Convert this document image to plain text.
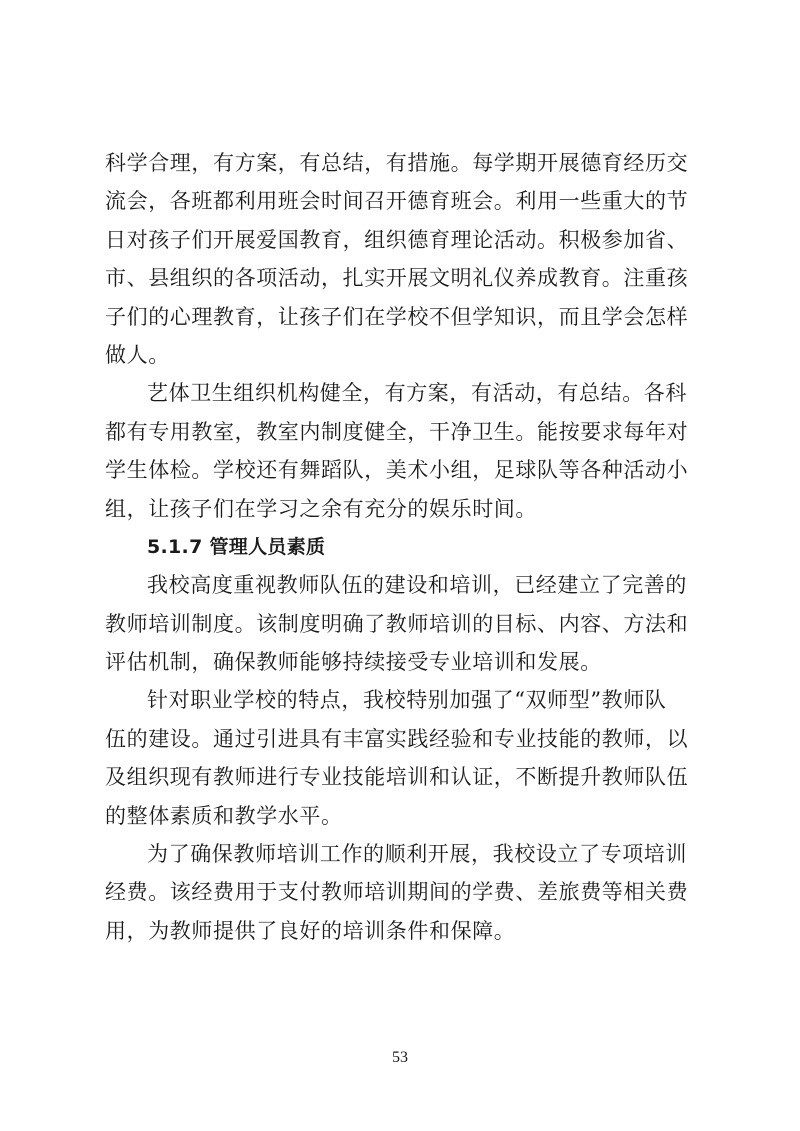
科学合理，有方案，有总结，有措施。每学期开展德育经历交
流会，各班都利用班会时间召开德育班会。利用一些重大的节
日对孩子们开展爱国教育，组织德育理论活动。积极参加省、
市、县组织的各项活动，扎实开展文明礼仪养成教育。注重孩
子们的心理教育，让孩子们在学校不但学知识，而且学会怎样
做人。
艺体卫生组织机构健全，有方案，有活动，有总结。各科
都有专用教室，教室内制度健全，干净卫生。能按要求每年对
学生体检。学校还有舞蹈队，美术小组，足球队等各种活动小
组，让孩子们在学习之余有充分的娱乐时间。
5.1.7 管理人员素质
我校高度重视教师队伍的建设和培训，已经建立了完善的
教师培训制度。该制度明确了教师培训的目标、内容、方法和
评估机制，确保教师能够持续接受专业培训和发展。
针对职业学校的特点，我校特别加强了“双师型”教师队
伍的建设。通过引进具有丰富实践经验和专业技能的教师，以
及组织现有教师进行专业技能培训和认证，不断提升教师队伍
的整体素质和教学水平。
为了确保教师培训工作的顺利开展，我校设立了专项培训
经费。该经费用于支付教师培训期间的学费、差旅费等相关费
用，为教师提供了良好的培训条件和保障。
53
